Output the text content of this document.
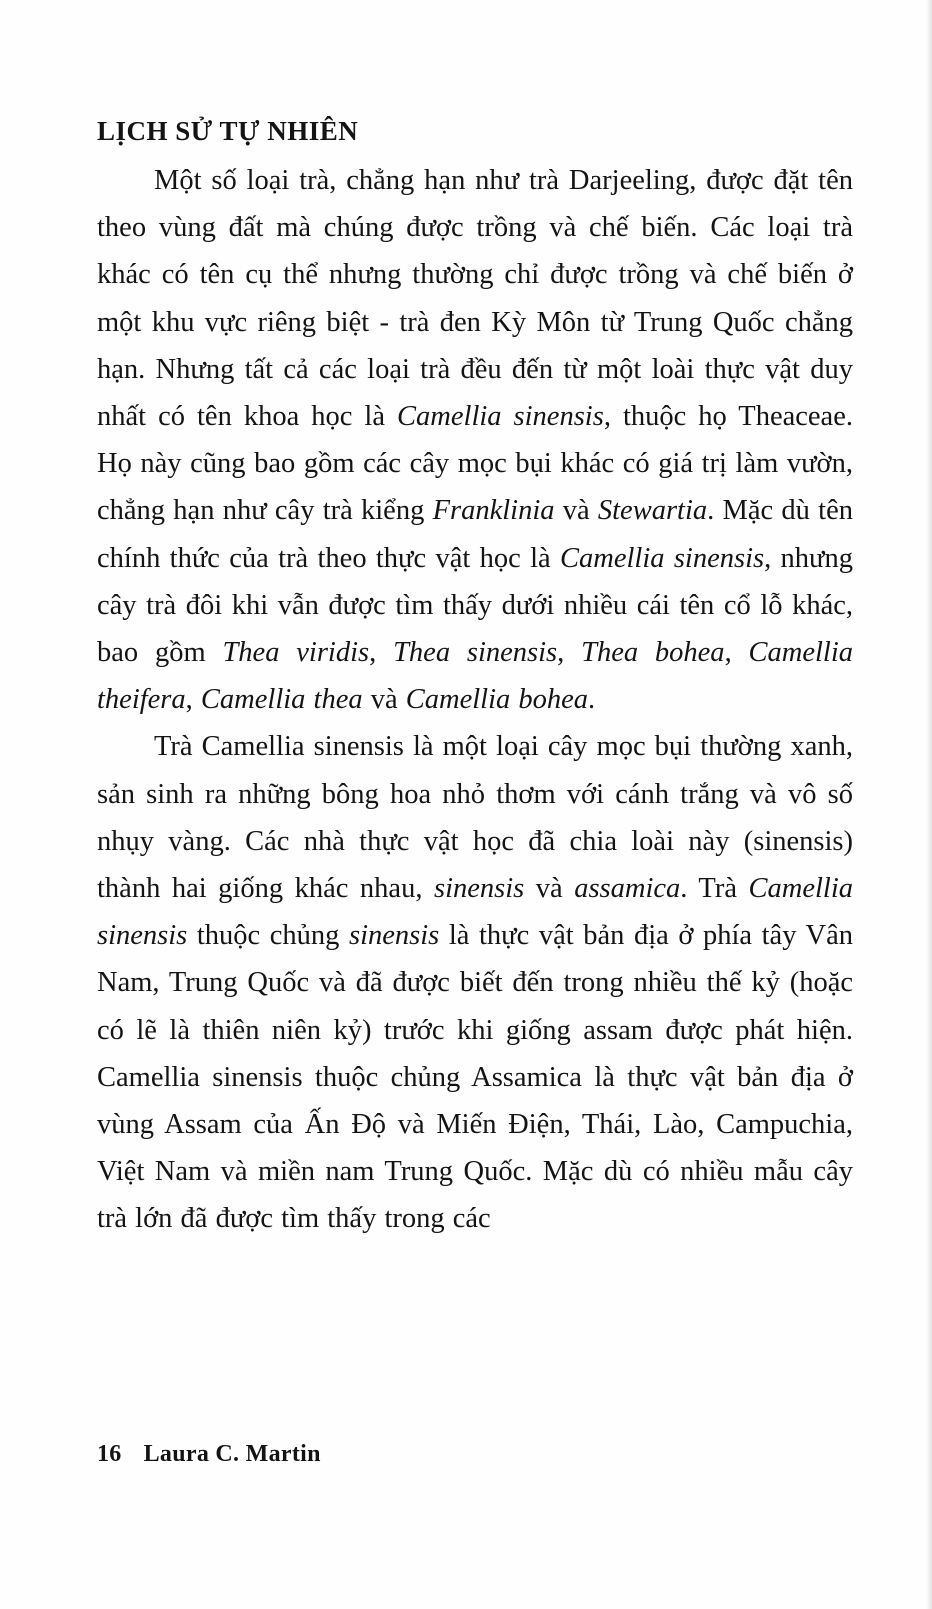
LỊCH SỬ TỰ NHIÊN

Một số loại trà, chẳng hạn như trà Darjeeling, được đặt tên theo vùng đất mà chúng được trồng và chế biến. Các loại trà khác có tên cụ thể nhưng thường chỉ được trồng và chế biến ở một khu vực riêng biệt - trà đen Kỳ Môn từ Trung Quốc chẳng hạn. Nhưng tất cả các loại trà đều đến từ một loài thực vật duy nhất có tên khoa học là Camellia sinensis, thuộc họ Theaceae. Họ này cũng bao gồm các cây mọc bụi khác có giá trị làm vườn, chẳng hạn như cây trà kiểng Franklinia và Stewartia. Mặc dù tên chính thức của trà theo thực vật học là Camellia sinensis, nhưng cây trà đôi khi vẫn được tìm thấy dưới nhiều cái tên cổ lỗ khác, bao gồm Thea viridis, Thea sinensis, Thea bohea, Camellia theifera, Camellia thea và Camellia bohea.

Trà Camellia sinensis là một loại cây mọc bụi thường xanh, sản sinh ra những bông hoa nhỏ thơm với cánh trắng và vô số nhụy vàng. Các nhà thực vật học đã chia loài này (sinensis) thành hai giống khác nhau, sinensis và assamica. Trà Camellia sinensis thuộc chủng sinensis là thực vật bản địa ở phía tây Vân Nam, Trung Quốc và đã được biết đến trong nhiều thế kỷ (hoặc có lẽ là thiên niên kỷ) trước khi giống assam được phát hiện. Camellia sinensis thuộc chủng Assamica là thực vật bản địa ở vùng Assam của Ấn Độ và Miến Điện, Thái, Lào, Campuchia, Việt Nam và miền nam Trung Quốc. Mặc dù có nhiều mẫu cây trà lớn đã được tìm thấy trong các

16 Laura C. Martin
